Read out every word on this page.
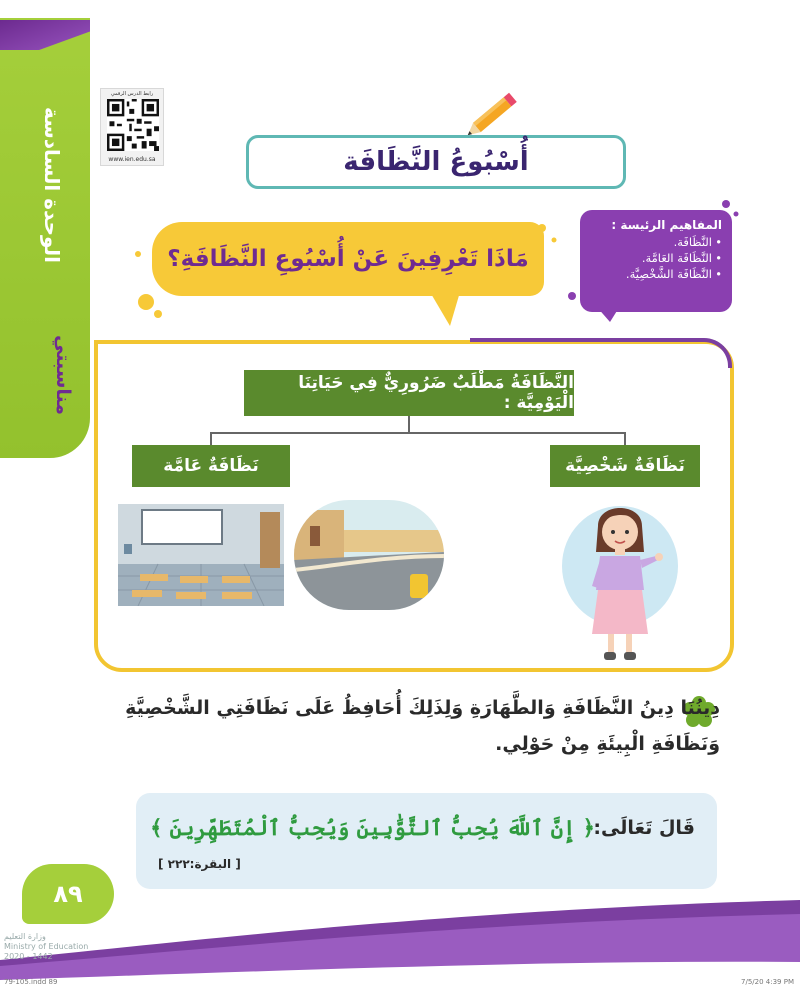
الوحدة السادسة
مناسبتي
رابط الدرس الرقمي
www.ien.edu.sa	أُسْبُوعُ النَّظَافَة
مَاذَا تَعْرِفِينَ عَنْ أُسْبُوعِ النَّظَافَةِ؟
المفاهيم الرئيسة :
• النَّظَافَة.
• النَّظَافَة العَامَّة.
• النَّظَافَة الشَّخْصِيَّة.
النَّظَافَةُ مَطْلَبٌ ضَرُورِيٌّ فِي حَيَاتِنَا الْيَوْمِيَّة :
نَظَافَةٌ شَخْصِيَّة
نَظَافَةٌ عَامَّة
دِينُنَا دِينُ النَّظَافَةِ وَالطَّهَارَةِ وَلِذَلِكَ أُحَافِظُ عَلَى نَظَافَتِي الشَّخْصِيَّةِ وَنَظَافَةِ الْبِيئَةِ مِنْ حَوْلِي.
قَالَ تَعَالَى:
﴿ إِنَّ ٱللَّهَ يُحِبُّ ٱلتَّوَّٰبِينَ وَيُحِبُّ ٱلْمُتَطَهِّرِينَ ﴾
[ البقرة:٢٢٢ ]
٨٩
وزارة التعليم
Ministry of Education
2020 - 1442
79-105.indd 89	7/5/20 4:39 PM
